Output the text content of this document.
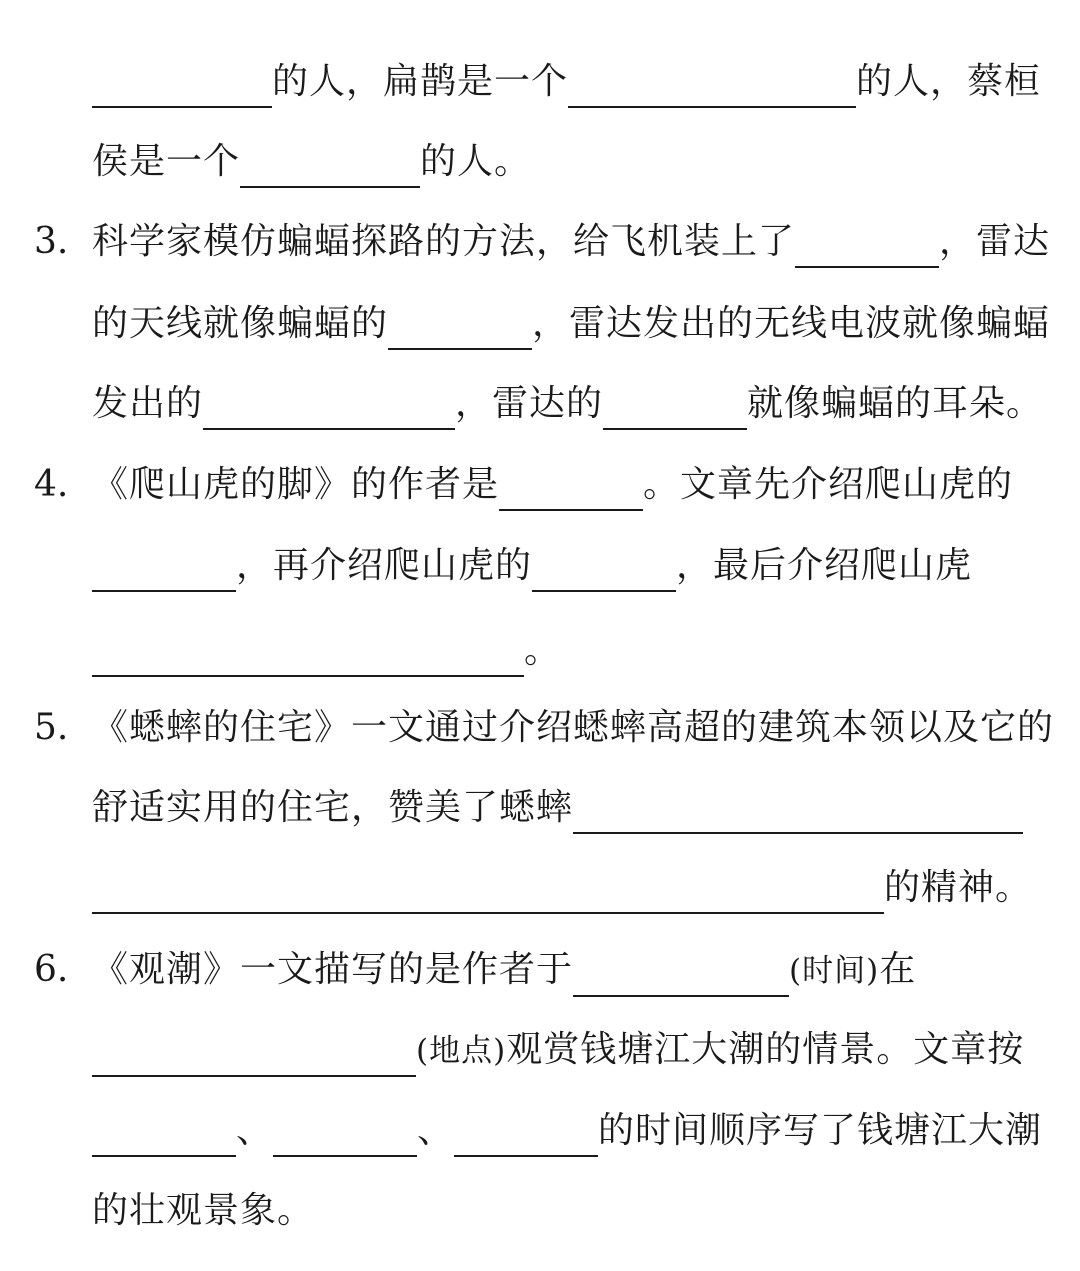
的人，扁鹊是一个	的人，蔡桓
侯是一个	的人。
3. 科学家模仿蝙蝠探路的方法，给飞机装上了	，雷达
的天线就像蝙蝠的	，雷达发出的无线电波就像蝙蝠
发出的	，雷达的	就像蝙蝠的耳朵。
4. 《爬山虎的脚》的作者是	。文章先介绍爬山虎的
，再介绍爬山虎的	，最后介绍爬山虎
。
5. 《蟋蟀的住宅》一文通过介绍蟋蟀高超的建筑本领以及它的
舒适实用的住宅，赞美了蟋蟀
的精神。
6. 《观潮》一文描写的是作者于	(时间)在
(地点)观赏钱塘江大潮的情景。文章按
、	、	的时间顺序写了钱塘江大潮
的壮观景象。
